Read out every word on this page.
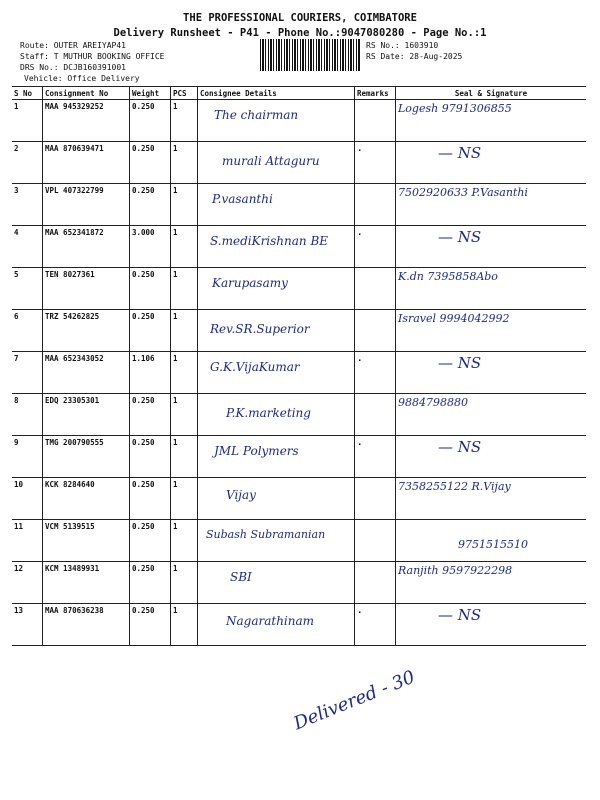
THE PROFESSIONAL COURIERS, COIMBATORE
Delivery Runsheet - P41 - Phone No.:9047080280 - Page No.:1
Route: OUTER AREIYAP41
Staff: T MUTHUR BOOKING OFFICE
DRS No.: DCJB160391001
Vehicle: Office Delivery
RS No.: 1603910
RS Date: 28-Aug-2025
S No	Consignment No	Weight	PCS	Consignee Details	Remarks	Seal & Signature
1	MAA 945329252	0.250	1	The chairman		Logesh 9791306855
2	MAA 870639471	0.250	1	murali Attaguru	.	— NS
3	VPL 407322799	0.250	1	P.vasanthi		7502920633 P.Vasanthi
4	MAA 652341872	3.000	1	S.mediKrishnan BE	.	— NS
5	TEN 8027361	0.250	1	Karupasamy		K.dn 7395858Abo
6	TRZ 54262825	0.250	1	Rev.SR.Superior		Isravel 9994042992
7	MAA 652343052	1.106	1	G.K.VijaKumar	.	— NS
8	EDQ 23305301	0.250	1	P.K.marketing		9884798880
9	TMG 200790555	0.250	1	JML Polymers	.	— NS
10	KCK 8284640	0.250	1	Vijay		7358255122 R.Vijay
11	VCM 5139515	0.250	1	Subash Subramanian		9751515510
12	KCM 13489931	0.250	1	SBI		Ranjith 9597922298
13	MAA 870636238	0.250	1	Nagarathinam	.	— NS
Delivered - 30
